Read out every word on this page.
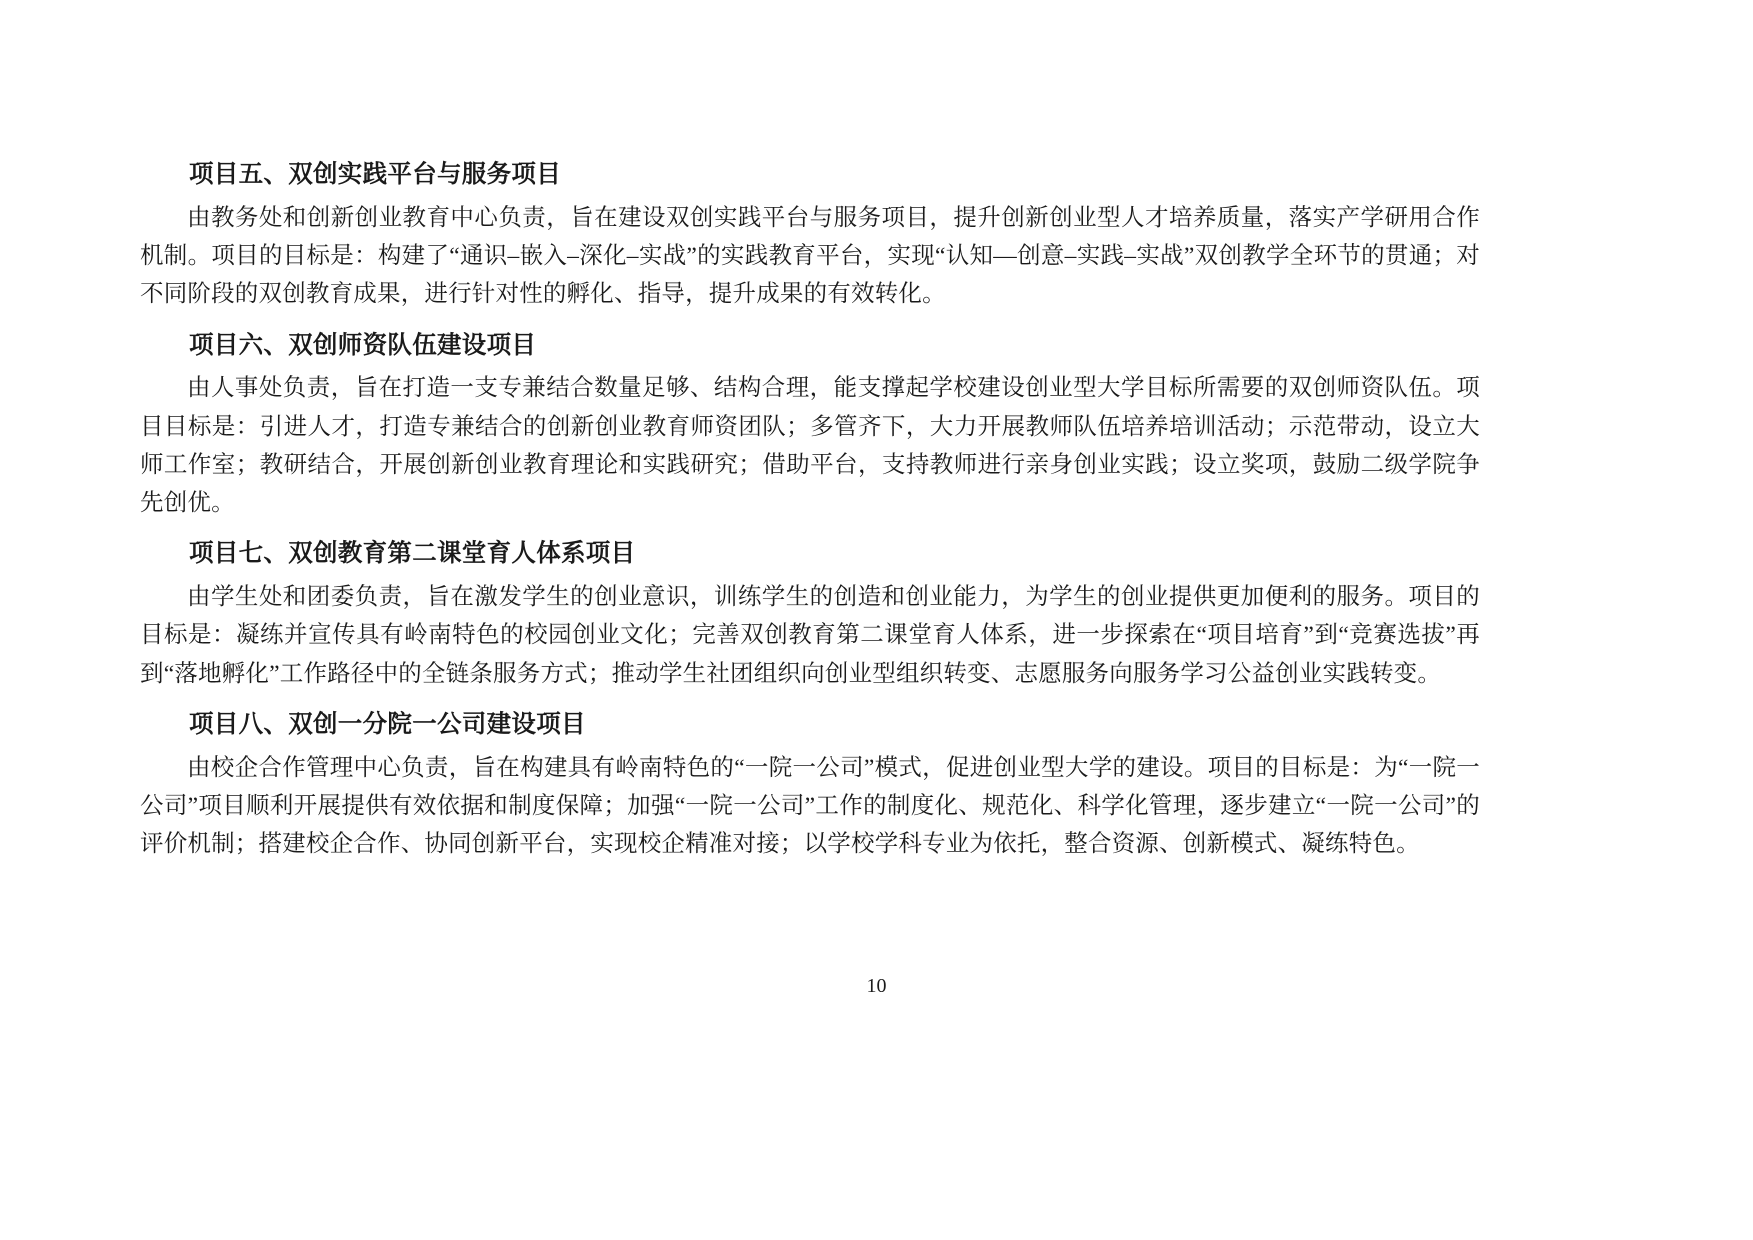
项目五、双创实践平台与服务项目

由教务处和创新创业教育中心负责，旨在建设双创实践平台与服务项目，提升创新创业型人才培养质量，落实产学研用合作机制。项目的目标是：构建了“通识–嵌入–深化–实战”的实践教育平台，实现“认知—创意–实践–实战”双创教学全环节的贯通；对不同阶段的双创教育成果，进行针对性的孵化、指导，提升成果的有效转化。

项目六、双创师资队伍建设项目

由人事处负责，旨在打造一支专兼结合数量足够、结构合理，能支撑起学校建设创业型大学目标所需要的双创师资队伍。项目目标是：引进人才，打造专兼结合的创新创业教育师资团队；多管齐下，大力开展教师队伍培养培训活动；示范带动，设立大师工作室；教研结合，开展创新创业教育理论和实践研究；借助平台，支持教师进行亲身创业实践；设立奖项，鼓励二级学院争先创优。

项目七、双创教育第二课堂育人体系项目

由学生处和团委负责，旨在激发学生的创业意识，训练学生的创造和创业能力，为学生的创业提供更加便利的服务。项目的目标是：凝练并宣传具有岭南特色的校园创业文化；完善双创教育第二课堂育人体系，进一步探索在“项目培育”到“竞赛选拔”再到“落地孵化”工作路径中的全链条服务方式；推动学生社团组织向创业型组织转变、志愿服务向服务学习公益创业实践转变。

项目八、双创一分院一公司建设项目

由校企合作管理中心负责，旨在构建具有岭南特色的“一院一公司”模式，促进创业型大学的建设。项目的目标是：为“一院一公司”项目顺利开展提供有效依据和制度保障；加强“一院一公司”工作的制度化、规范化、科学化管理，逐步建立“一院一公司”的评价机制；搭建校企合作、协同创新平台，实现校企精准对接；以学校学科专业为依托，整合资源、创新模式、凝练特色。

10
